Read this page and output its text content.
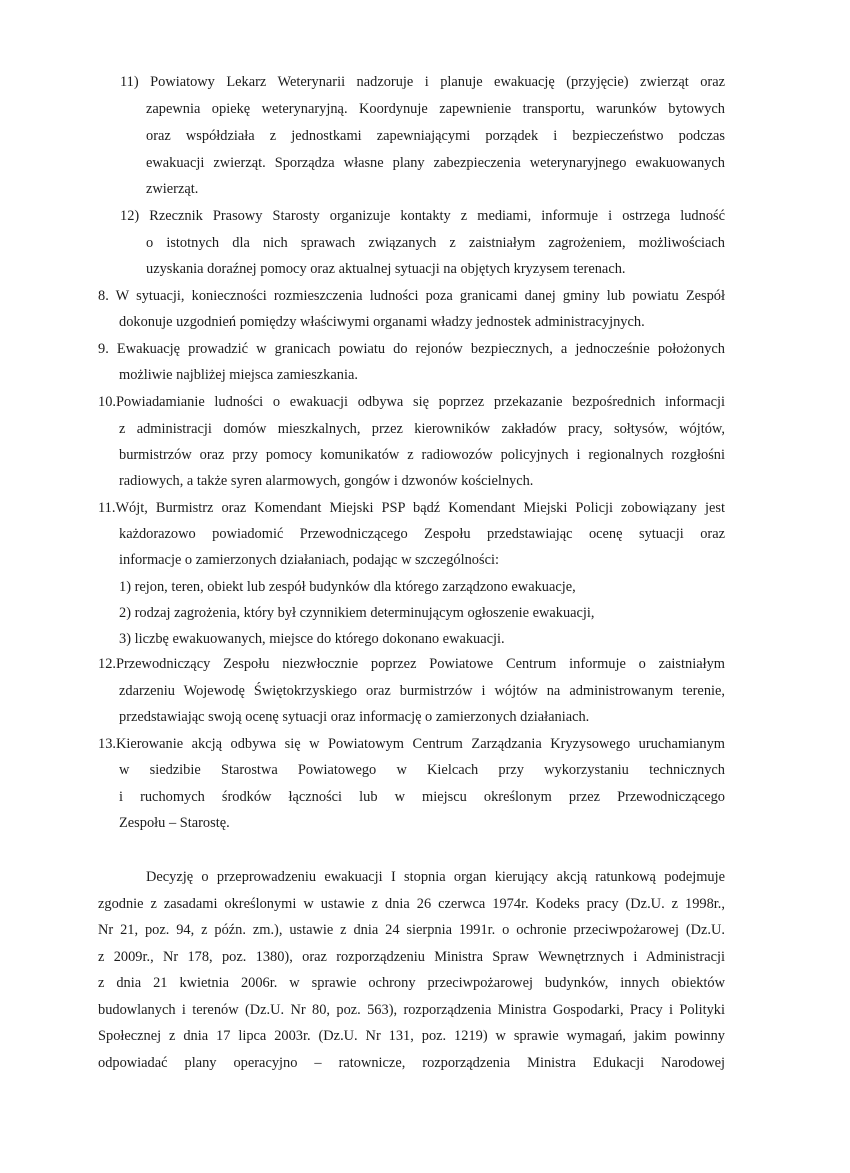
11) Powiatowy Lekarz Weterynarii nadzoruje i planuje ewakuację (przyjęcie) zwierząt oraz

zapewnia opiekę weterynaryjną. Koordynuje zapewnienie transportu, warunków bytowych

oraz współdziała z jednostkami zapewniającymi porządek i bezpieczeństwo podczas

ewakuacji zwierząt. Sporządza własne plany zabezpieczenia weterynaryjnego ewakuowanych

zwierząt.

12) Rzecznik Prasowy Starosty organizuje kontakty z mediami, informuje i ostrzega ludność

o istotnych dla nich sprawach związanych z zaistniałym zagrożeniem, możliwościach

uzyskania doraźnej pomocy oraz aktualnej sytuacji na objętych kryzysem terenach.

8. W sytuacji, konieczności rozmieszczenia ludności poza granicami danej gminy lub powiatu Zespół

dokonuje uzgodnień pomiędzy właściwymi organami władzy jednostek administracyjnych.

9. Ewakuację prowadzić w granicach powiatu do rejonów bezpiecznych, a jednocześnie położonych

możliwie najbliżej miejsca zamieszkania.

10.Powiadamianie ludności o ewakuacji odbywa się poprzez przekazanie bezpośrednich informacji

z administracji domów mieszkalnych, przez kierowników zakładów pracy, sołtysów, wójtów,

burmistrzów oraz przy pomocy komunikatów z radiowozów policyjnych i regionalnych rozgłośni

radiowych, a także syren alarmowych, gongów i dzwonów kościelnych.

11.Wójt, Burmistrz oraz Komendant Miejski PSP bądź Komendant Miejski Policji zobowiązany jest

każdorazowo powiadomić Przewodniczącego Zespołu przedstawiając ocenę sytuacji oraz

informacje o zamierzonych działaniach, podając w szczególności:

1) rejon, teren, obiekt lub zespół budynków dla którego zarządzono ewakuacje,

2) rodzaj zagrożenia, który był czynnikiem determinującym ogłoszenie ewakuacji,

3) liczbę ewakuowanych, miejsce do którego dokonano ewakuacji.

12.Przewodniczący Zespołu niezwłocznie poprzez Powiatowe Centrum informuje o zaistniałym

zdarzeniu Wojewodę Świętokrzyskiego oraz burmistrzów i wójtów na administrowanym terenie,

przedstawiając swoją ocenę sytuacji oraz informację o zamierzonych działaniach.

13.Kierowanie akcją odbywa się w Powiatowym Centrum Zarządzania Kryzysowego uruchamianym

w siedzibie Starostwa Powiatowego w Kielcach przy wykorzystaniu technicznych

i ruchomych środków łączności lub w miejscu określonym przez Przewodniczącego

Zespołu – Starostę.

Decyzję o przeprowadzeniu ewakuacji I stopnia organ kierujący akcją ratunkową podejmuje

zgodnie z zasadami określonymi w ustawie z dnia 26 czerwca 1974r. Kodeks pracy (Dz.U. z 1998r.,

Nr 21, poz. 94, z późn. zm.), ustawie z dnia 24 sierpnia 1991r. o ochronie przeciwpożarowej (Dz.U.

z 2009r., Nr 178, poz. 1380), oraz rozporządzeniu Ministra Spraw Wewnętrznych i Administracji

z dnia 21 kwietnia 2006r. w sprawie ochrony przeciwpożarowej budynków, innych obiektów

budowlanych i terenów (Dz.U. Nr 80, poz. 563), rozporządzenia Ministra Gospodarki, Pracy i Polityki

Społecznej z dnia 17 lipca 2003r. (Dz.U. Nr 131, poz. 1219) w sprawie wymagań, jakim powinny

odpowiadać plany operacyjno – ratownicze, rozporządzenia Ministra Edukacji Narodowej
